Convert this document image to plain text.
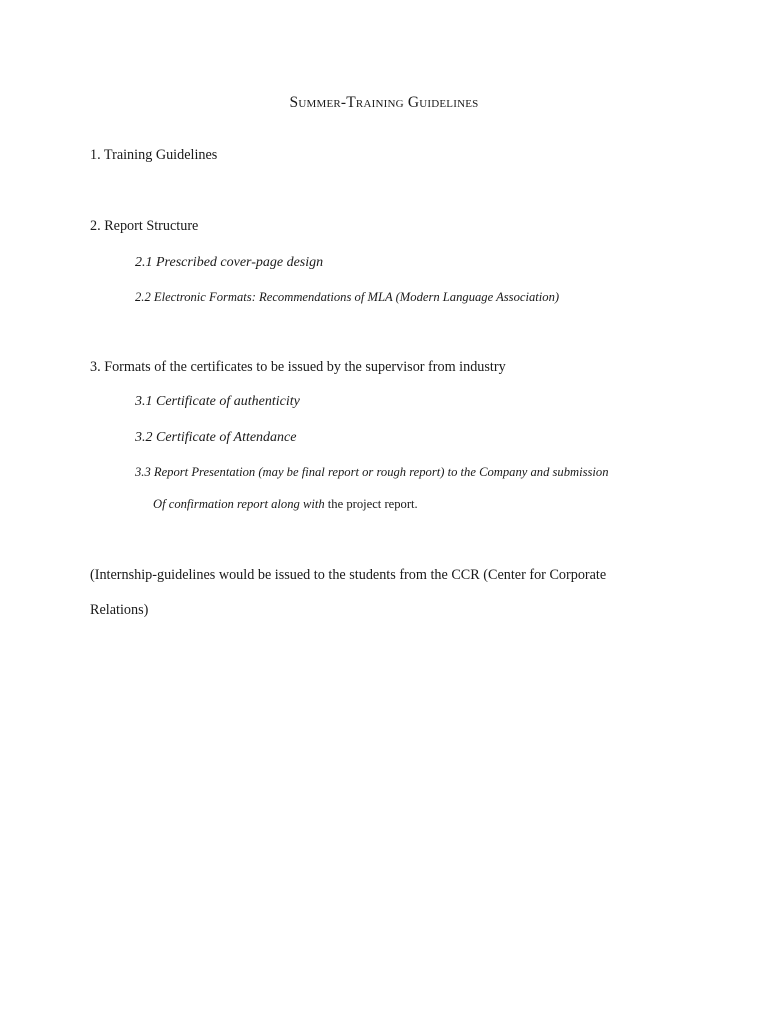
Summer-Training Guidelines
1. Training Guidelines
2. Report Structure
2.1 Prescribed cover-page design
2.2 Electronic Formats: Recommendations of MLA (Modern Language Association)
3. Formats of the certificates to be issued by the supervisor from industry
3.1 Certificate of authenticity
3.2 Certificate of Attendance
3.3 Report Presentation (may be final report or rough report) to the Company and submission
Of confirmation report along with the project report.
(Internship-guidelines would be issued to the students from the CCR (Center for Corporate
Relations)
